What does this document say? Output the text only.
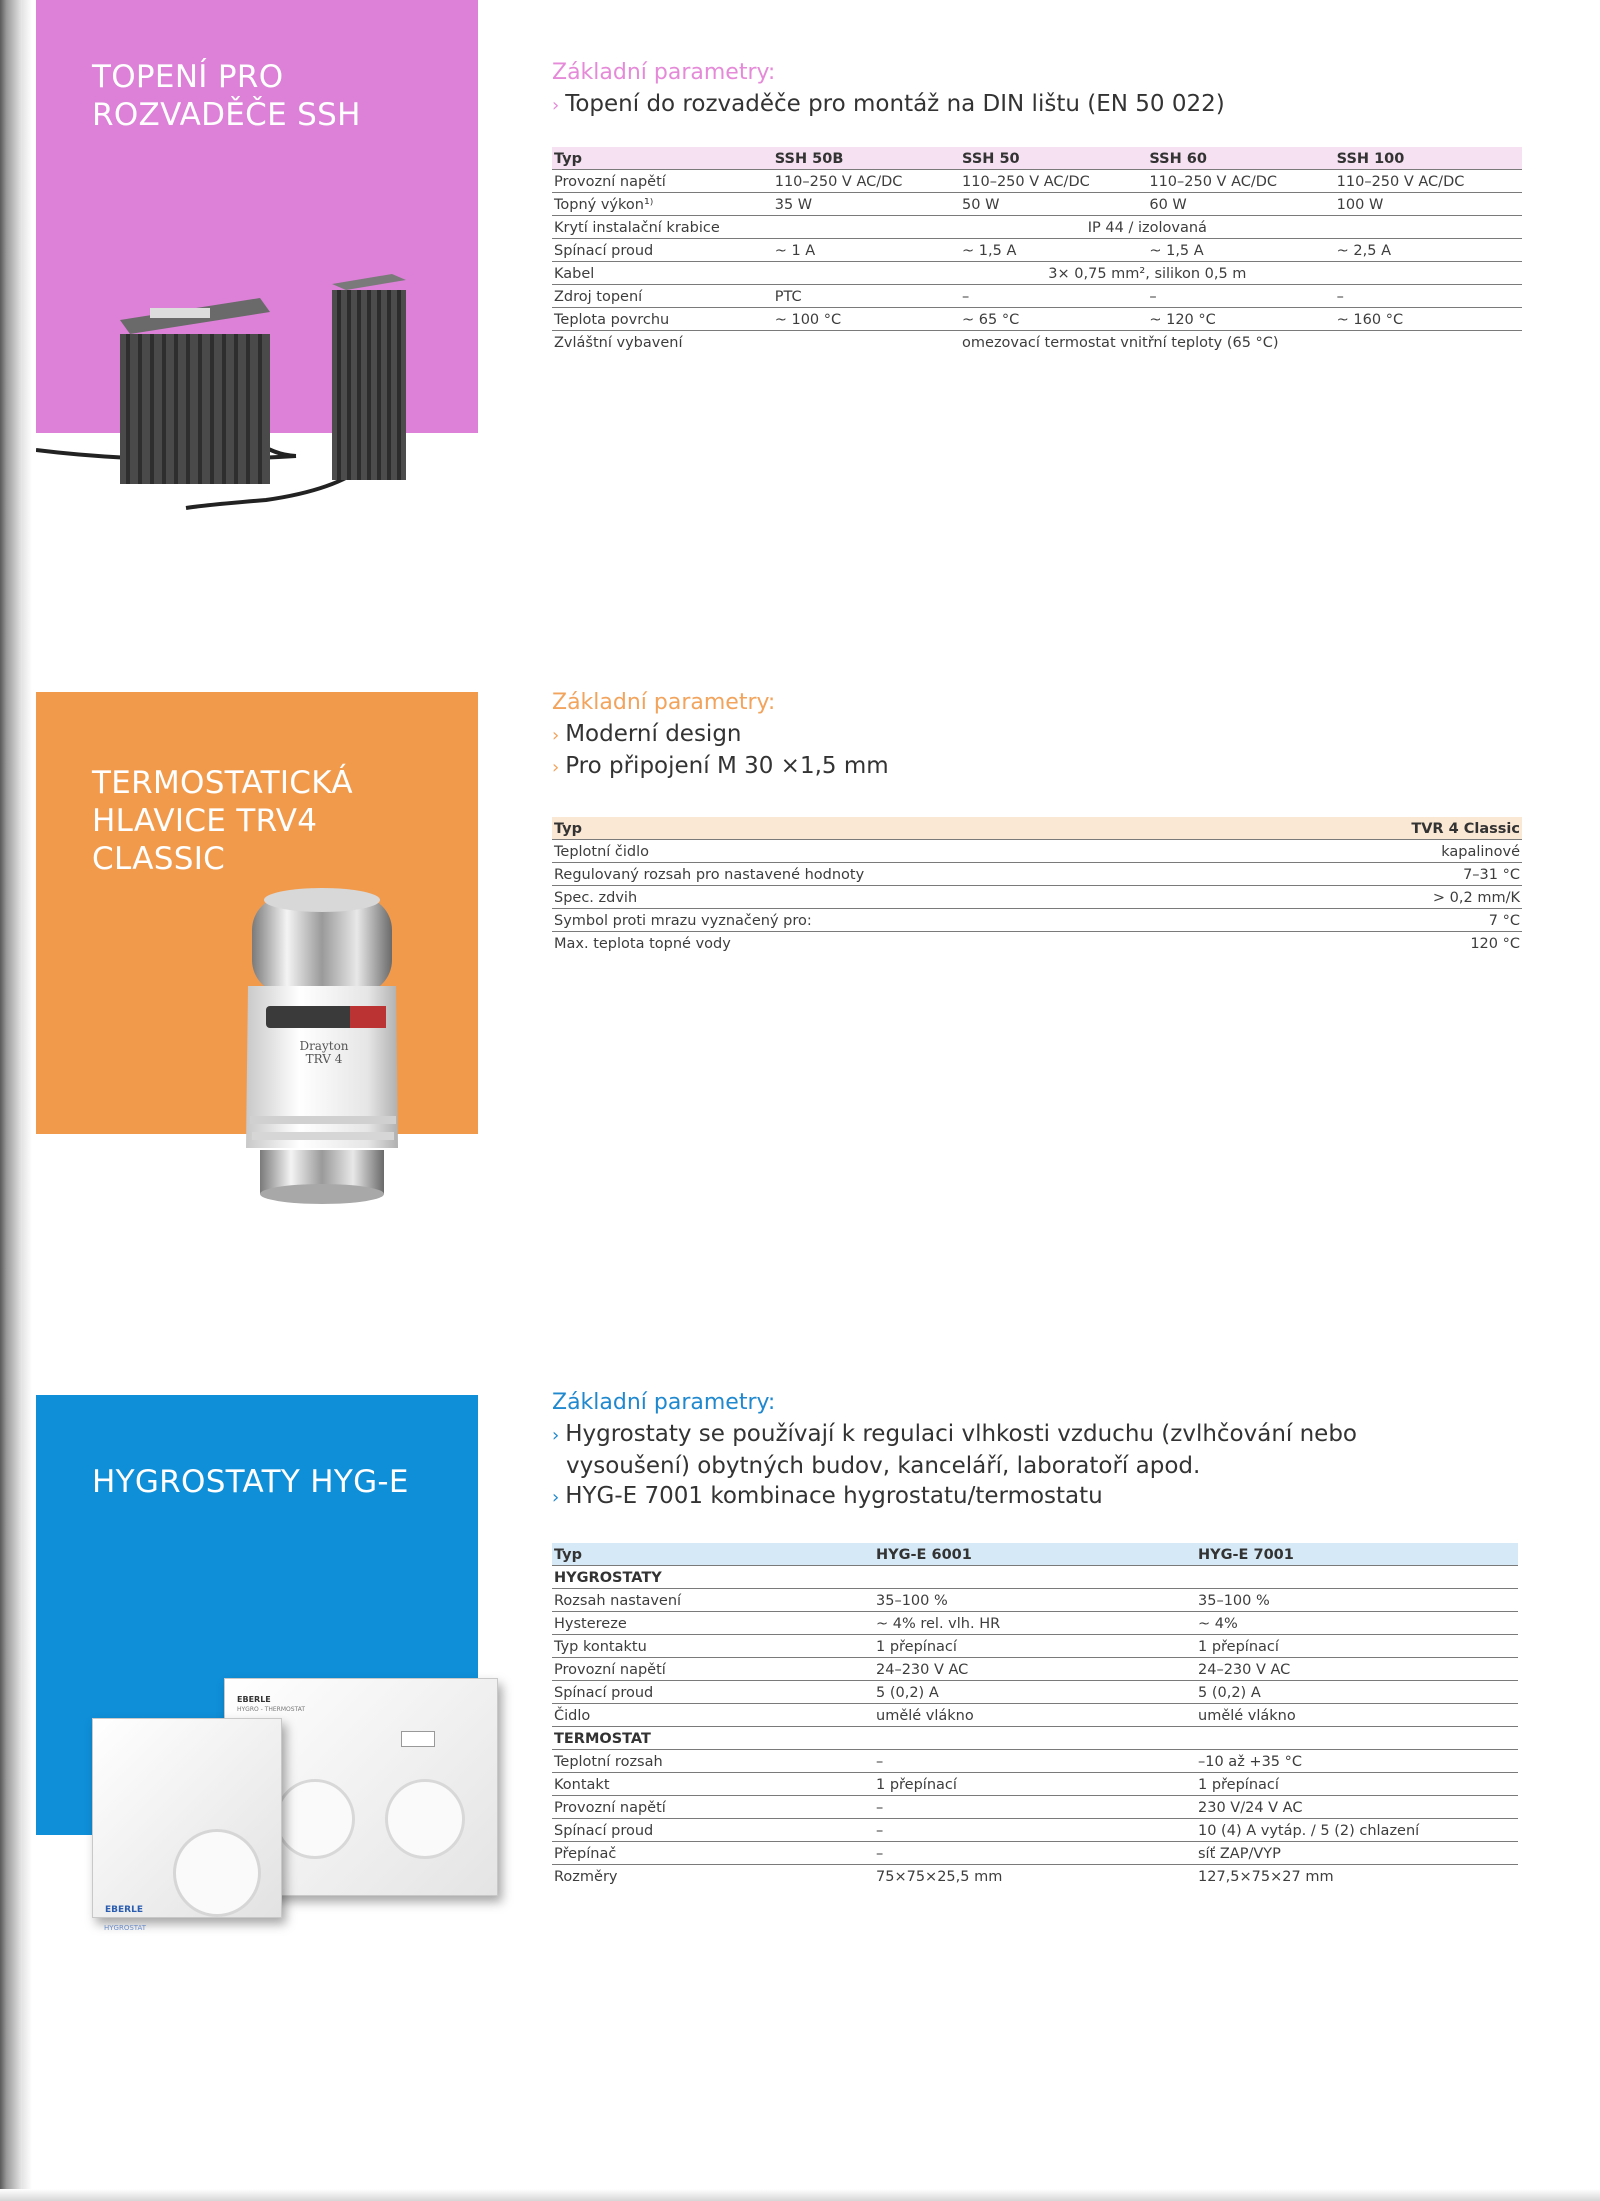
TOPENÍ PRO
ROZVADĚČE SSH
Základní parametry:
› Topení do rozvaděče pro montáž na DIN lištu (EN 50 022)
Typ	SSH 50B	SSH 50	SSH 60	SSH 100
Provozní napětí	110–250 V AC/DC	110–250 V AC/DC	110–250 V AC/DC	110–250 V AC/DC
Topný výkon¹⁾	35 W	50 W	60 W	100 W
Krytí instalační krabice	IP 44 / izolovaná			
Spínací proud	~ 1 A	~ 1,5 A	~ 1,5 A	~ 2,5 A
Kabel	3× 0,75 mm², silikon 0,5 m			
Zdroj topení	PTC	–	–	–
Teplota povrchu	~ 100 °C	~ 65 °C	~ 120 °C	~ 160 °C
Zvláštní vybavení		omezovací termostat vnitřní teploty (65 °C)		
TERMOSTATICKÁ
HLAVICE TRV4
CLASSIC
Drayton
TRV 4
Základní parametry:
› Moderní design
› Pro připojení M 30 ×1,5 mm
Typ	TVR 4 Classic
Teplotní čidlo	kapalinové
Regulovaný rozsah pro nastavené hodnoty	7–31 °C
Spec. zdvih	> 0,2 mm/K
Symbol proti mrazu vyznačený pro:	7 °C
Max. teplota topné vody	120 °C
HYGROSTATY HYG-E
EBERLE
HYGRO - THERMOSTAT
EBERLE
HYGROSTAT
Základní parametry:
› Hygrostaty se používají k regulaci vlhkosti vzduchu (zvlhčování nebo vysoušení) obytných budov, kanceláří, laboratoří apod.
› HYG-E 7001 kombinace hygrostatu/termostatu
Typ	HYG-E 6001	HYG-E 7001
HYGROSTATY		
Rozsah nastavení	35–100 %	35–100 %
Hystereze	~ 4% rel. vlh. HR	~ 4%
Typ kontaktu	1 přepínací	1 přepínací
Provozní napětí	24–230 V AC	24–230 V AC
Spínací proud	5 (0,2) A	5 (0,2) A
Čidlo	umělé vlákno	umělé vlákno
TERMOSTAT		
Teplotní rozsah	–	–10 až +35 °C
Kontakt	1 přepínací	1 přepínací
Provozní napětí	–	230 V/24 V AC
Spínací proud	–	10 (4) A vytáp. / 5 (2) chlazení
Přepínač	–	síť ZAP/VYP
Rozměry	75×75×25,5 mm	127,5×75×27 mm
